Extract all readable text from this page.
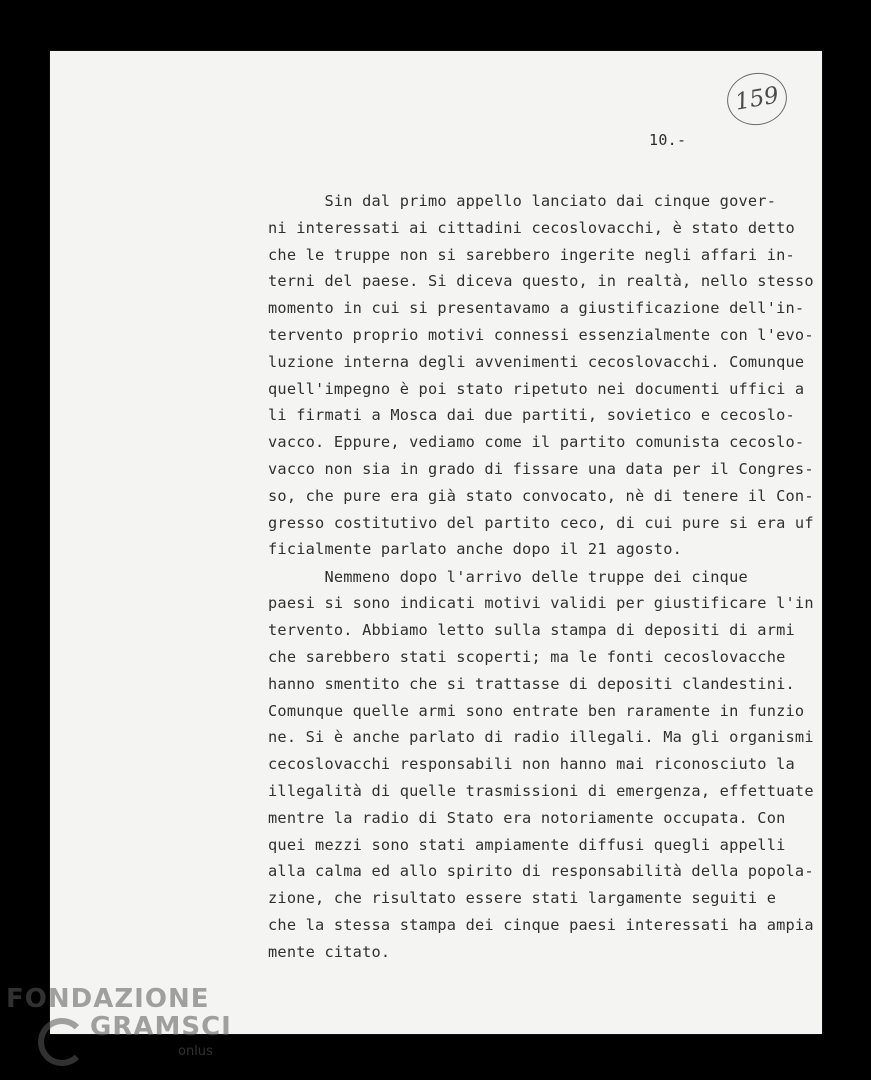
159
10.-
Sin dal primo appello lanciato dai cinque gover-
ni interessati ai cittadini cecoslovacchi, è stato detto
che le truppe non si sarebbero ingerite negli affari in-
terni del paese. Si diceva questo, in realtà, nello stesso
momento in cui si presentavamo a giustificazione dell'in-
tervento proprio motivi connessi essenzialmente con l'evo-
luzione interna degli avvenimenti cecoslovacchi. Comunque
quell'impegno è poi stato ripetuto nei documenti uffici a
li firmati a Mosca dai due partiti, sovietico e cecoslo-
vacco. Eppure, vediamo come il partito comunista cecoslo-
vacco non sia in grado di fissare una data per il Congres-
so, che pure era già stato convocato, nè di tenere il Con-
gresso costitutivo del partito ceco, di cui pure si era uf
ficialmente parlato anche dopo il 21 agosto.
Nemmeno dopo l'arrivo delle truppe dei cinque
paesi si sono indicati motivi validi per giustificare l'in
tervento. Abbiamo letto sulla stampa di depositi di armi
che sarebbero stati scoperti; ma le fonti cecoslovacche
hanno smentito che si trattasse di depositi clandestini.
Comunque quelle armi sono entrate ben raramente in funzio
ne. Si è anche parlato di radio illegali. Ma gli organismi
cecoslovacchi responsabili non hanno mai riconosciuto la
illegalità di quelle trasmissioni di emergenza, effettuate
mentre la radio di Stato era notoriamente occupata. Con
quei mezzi sono stati ampiamente diffusi quegli appelli
alla calma ed allo spirito di responsabilità della popola-
zione, che risultato essere stati largamente seguiti e
che la stessa stampa dei cinque paesi interessati ha ampia
mente citato.
FONDAZIONE
GRAMSCI
onlus
